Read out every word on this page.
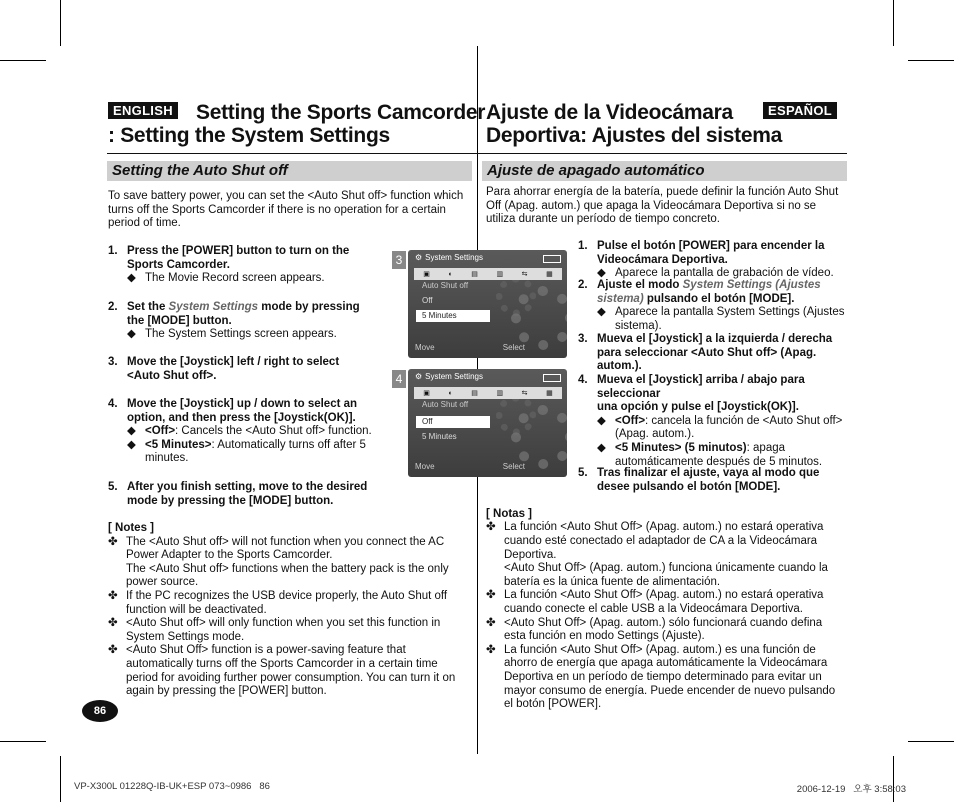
ENGLISH Setting the Sports Camcorder
: Setting the System Settings
Ajuste de la Videocámara
Deportiva: Ajustes del sistema
ESPAÑOL
Setting the Auto Shut off	Ajuste de apagado automático
To save battery power, you can set the <Auto Shut off> function which turns off the Sports Camcorder if there is no operation for a certain period of time.
1. Press the [POWER] button to turn on the Sports Camcorder.
◆ The Movie Record screen appears.
2. Set the System Settings mode by pressing the [MODE] button.
◆ The System Settings screen appears.
3. Move the [Joystick] left / right to select <Auto Shut off>.
4. Move the [Joystick] up / down to select an option, and then press the [Joystick(OK)].
◆ <Off>: Cancels the <Auto Shut off> function.
◆ <5 Minutes>: Automatically turns off after 5 minutes.
5. After you finish setting, move to the desired mode by pressing the [MODE] button.
[ Notes ]
✤ The <Auto Shut off> will not function when you connect the AC Power Adapter to the Sports Camcorder.
The <Auto Shut off> functions when the battery pack is the only power source.
✤ If the PC recognizes the USB device properly, the Auto Shut off function will be deactivated.
✤ <Auto Shut off> will only function when you set this function in System Settings mode.
✤ <Auto Shut Off> function is a power-saving feature that automatically turns off the Sports Camcorder in a certain time period for avoiding further power consumption. You can turn it on again by pressing the [POWER] button.
3	⚙ System Settings
▣	◐	▤	▥	⇆	▦
Auto Shut off
Off
5 Minutes
Move	Select
4	⚙ System Settings
▣	◐	▤	▥	⇆	▦
Auto Shut off
Off
5 Minutes
Move	Select
Para ahorrar energía de la batería, puede definir la función Auto Shut Off (Apag. autom.) que apaga la Videocámara Deportiva si no se utiliza durante un período de tiempo concreto.
1. Pulse el botón [POWER] para encender la Videocámara Deportiva.
◆ Aparece la pantalla de grabación de vídeo.
2. Ajuste el modo System Settings (Ajustes sistema) pulsando el botón [MODE].
◆ Aparece la pantalla System Settings (Ajustes sistema).
3. Mueva el [Joystick] a la izquierda / derecha para seleccionar <Auto Shut off> (Apag. autom.).
4. Mueva el [Joystick] arriba / abajo para seleccionar
una opción y pulse el [Joystick(OK)].
◆ <Off>: cancela la función de <Auto Shut off> (Apag. autom.).
◆ <5 Minutes> (5 minutos): apaga automáticamente después de 5 minutos.
5. Tras finalizar el ajuste, vaya al modo que desee pulsando el botón [MODE].
[ Notas ]
✤ La función <Auto Shut Off> (Apag. autom.) no estará operativa cuando esté conectado el adaptador de CA a la Videocámara Deportiva.
<Auto Shut Off> (Apag. autom.) funciona únicamente cuando la batería es la única fuente de alimentación.
✤ La función <Auto Shut Off> (Apag. autom.) no estará operativa cuando conecte el cable USB a la Videocámara Deportiva.
✤ <Auto Shut Off> (Apag. autom.) sólo funcionará cuando defina esta función en modo Settings (Ajuste).
✤ La función <Auto Shut Off> (Apag. autom.) es una función de ahorro de energía que apaga automáticamente la Videocámara Deportiva en un período de tiempo determinado para evitar un mayor consumo de energía. Puede encender de nuevo pulsando el botón [POWER].
86
VP-X300L 01228Q-IB-UK+ESP 073~0986   86	2006-12-19   오후 3:58:03
